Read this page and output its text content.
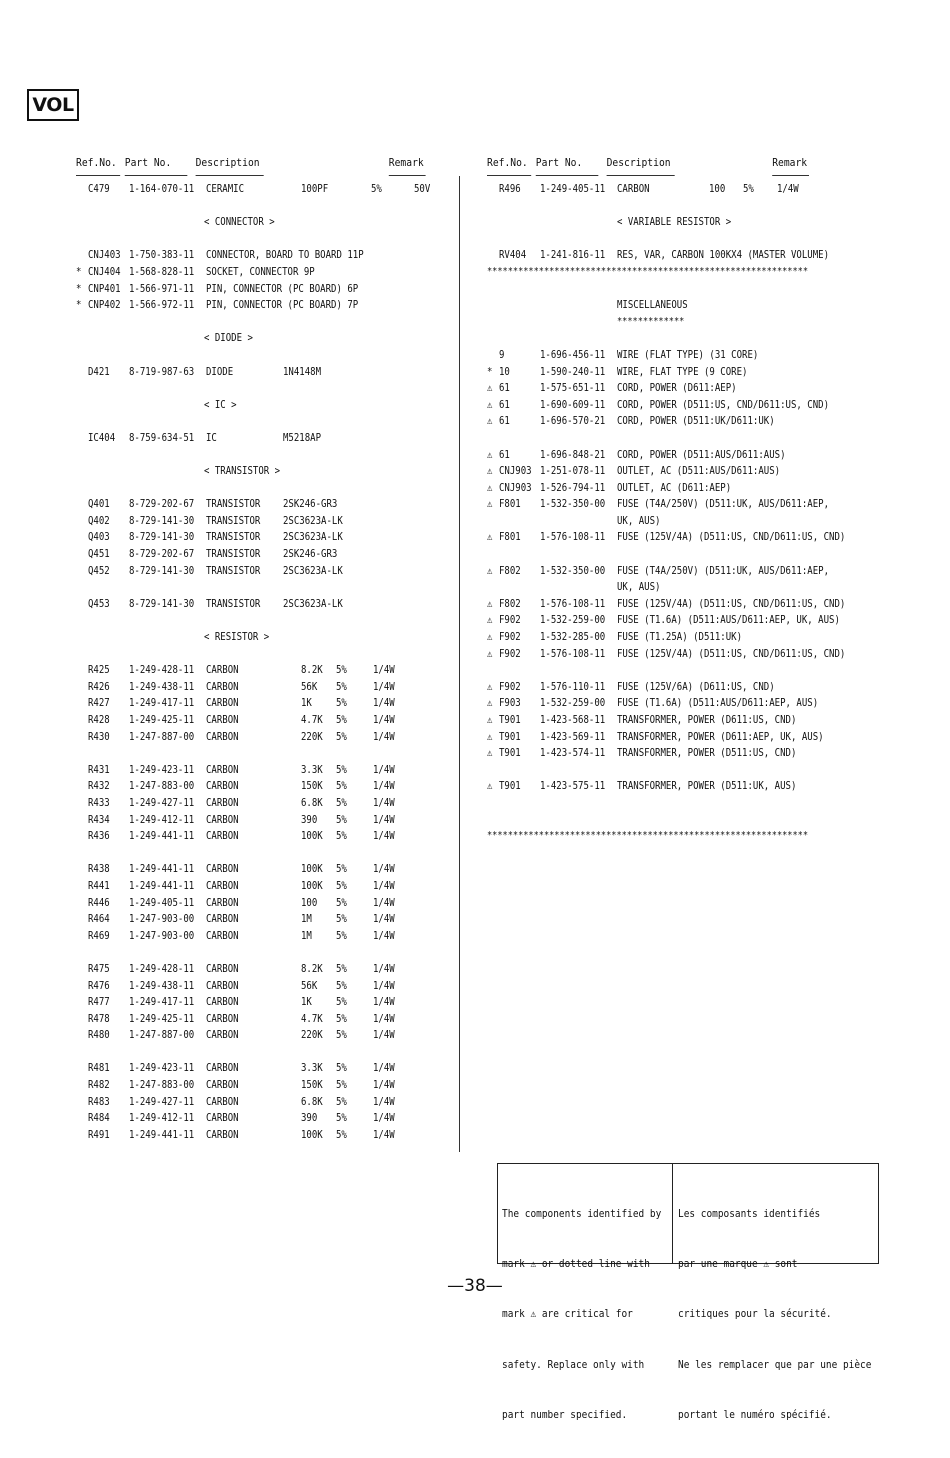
VOL
Ref.No. Part No. Description	Remark
C479 1-164-070-11 CERAMIC	100PF	5%	50V
< CONNECTOR >
CNJ403 1-750-383-11 CONNECTOR, BOARD TO BOARD 11P
* CNJ404 1-568-828-11 SOCKET, CONNECTOR 9P
* CNP401 1-566-971-11 PIN, CONNECTOR (PC BOARD) 6P
* CNP402 1-566-972-11 PIN, CONNECTOR (PC BOARD) 7P
< DIODE >
D421 8-719-987-63 DIODE	1N4148M
< IC >
IC404 8-759-634-51 IC	M5218AP
< TRANSISTOR >
Q401 8-729-202-67 TRANSISTOR 2SK246-GR3
Q402 8-729-141-30 TRANSISTOR 2SC3623A-LK
Q403 8-729-141-30 TRANSISTOR 2SC3623A-LK
Q451 8-729-202-67 TRANSISTOR 2SK246-GR3
Q452 8-729-141-30 TRANSISTOR 2SC3623A-LK
Q453 8-729-141-30 TRANSISTOR 2SC3623A-LK
< RESISTOR >
R425 1-249-428-11 CARBON	8.2K 5% 1/4W
R426 1-249-438-11 CARBON	56K 5% 1/4W
R427 1-249-417-11 CARBON	1K 5% 1/4W
R428 1-249-425-11 CARBON	4.7K 5% 1/4W
R430 1-247-887-00 CARBON	220K 5% 1/4W
R431 1-249-423-11 CARBON	3.3K 5% 1/4W
R432 1-247-883-00 CARBON	150K 5% 1/4W
R433 1-249-427-11 CARBON	6.8K 5% 1/4W
R434 1-249-412-11 CARBON	390 5% 1/4W
R436 1-249-441-11 CARBON	100K 5% 1/4W
R438 1-249-441-11 CARBON	100K 5% 1/4W
R441 1-249-441-11 CARBON	100K 5% 1/4W
R446 1-249-405-11 CARBON	100 5% 1/4W
R464 1-247-903-00 CARBON	1M 5% 1/4W
R469 1-247-903-00 CARBON	1M 5% 1/4W
R475 1-249-428-11 CARBON	8.2K 5% 1/4W
R476 1-249-438-11 CARBON	56K 5% 1/4W
R477 1-249-417-11 CARBON	1K 5% 1/4W
R478 1-249-425-11 CARBON	4.7K 5% 1/4W
R480 1-247-887-00 CARBON	220K 5% 1/4W
R481 1-249-423-11 CARBON	3.3K 5% 1/4W
R482 1-247-883-00 CARBON	150K 5% 1/4W
R483 1-249-427-11 CARBON	6.8K 5% 1/4W
R484 1-249-412-11 CARBON	390 5% 1/4W
R491 1-249-441-11 CARBON	100K 5% 1/4W
Ref.No. Part No. Description	Remark
R496 1-249-405-11 CARBON	100 5% 1/4W
< VARIABLE RESISTOR >
RV404 1-241-816-11 RES, VAR, CARBON 100KX4 (MASTER VOLUME)
**************************************************************
MISCELLANEOUS
*************
9	1-696-456-11 WIRE (FLAT TYPE) (31 CORE)
* 10	1-590-240-11 WIRE, FLAT TYPE (9 CORE)
⚠ 61	1-575-651-11 CORD, POWER (D611:AEP)
⚠ 61	1-690-609-11 CORD, POWER (D511:US, CND/D611:US, CND)
⚠ 61	1-696-570-21 CORD, POWER (D511:UK/D611:UK)
⚠ 61	1-696-848-21 CORD, POWER (D511:AUS/D611:AUS)
⚠ CNJ903 1-251-078-11 OUTLET, AC (D511:AUS/D611:AUS)
⚠ CNJ903 1-526-794-11 OUTLET, AC (D611:AEP)
⚠ F801 1-532-350-00 FUSE (T4A/250V) (D511:UK, AUS/D611:AEP,
UK, AUS)
⚠ F801 1-576-108-11 FUSE (125V/4A) (D511:US, CND/D611:US, CND)
⚠ F802 1-532-350-00 FUSE (T4A/250V) (D511:UK, AUS/D611:AEP,
UK, AUS)
⚠ F802 1-576-108-11 FUSE (125V/4A) (D511:US, CND/D611:US, CND)
⚠ F902 1-532-259-00 FUSE (T1.6A) (D511:AUS/D611:AEP, UK, AUS)
⚠ F902 1-532-285-00 FUSE (T1.25A) (D511:UK)
⚠ F902 1-576-108-11 FUSE (125V/4A) (D511:US, CND/D611:US, CND)
⚠ F902 1-576-110-11 FUSE (125V/6A) (D611:US, CND)
⚠ F903 1-532-259-00 FUSE (T1.6A) (D511:AUS/D611:AEP, AUS)
⚠ T901 1-423-568-11 TRANSFORMER, POWER (D611:US, CND)
⚠ T901 1-423-569-11 TRANSFORMER, POWER (D611:AEP, UK, AUS)
⚠ T901 1-423-574-11 TRANSFORMER, POWER (D511:US, CND)
⚠ T901 1-423-575-11 TRANSFORMER, POWER (D511:UK, AUS)
**************************************************************

The components identified by

mark ⚠ or dotted line with

mark ⚠ are critical for

safety. Replace only with

part number specified.

Les composants identifiés

par une marque ⚠ sont

critiques pour la sécurité.

Ne les remplacer que par une pièce

portant le numéro spécifié.

—38—
